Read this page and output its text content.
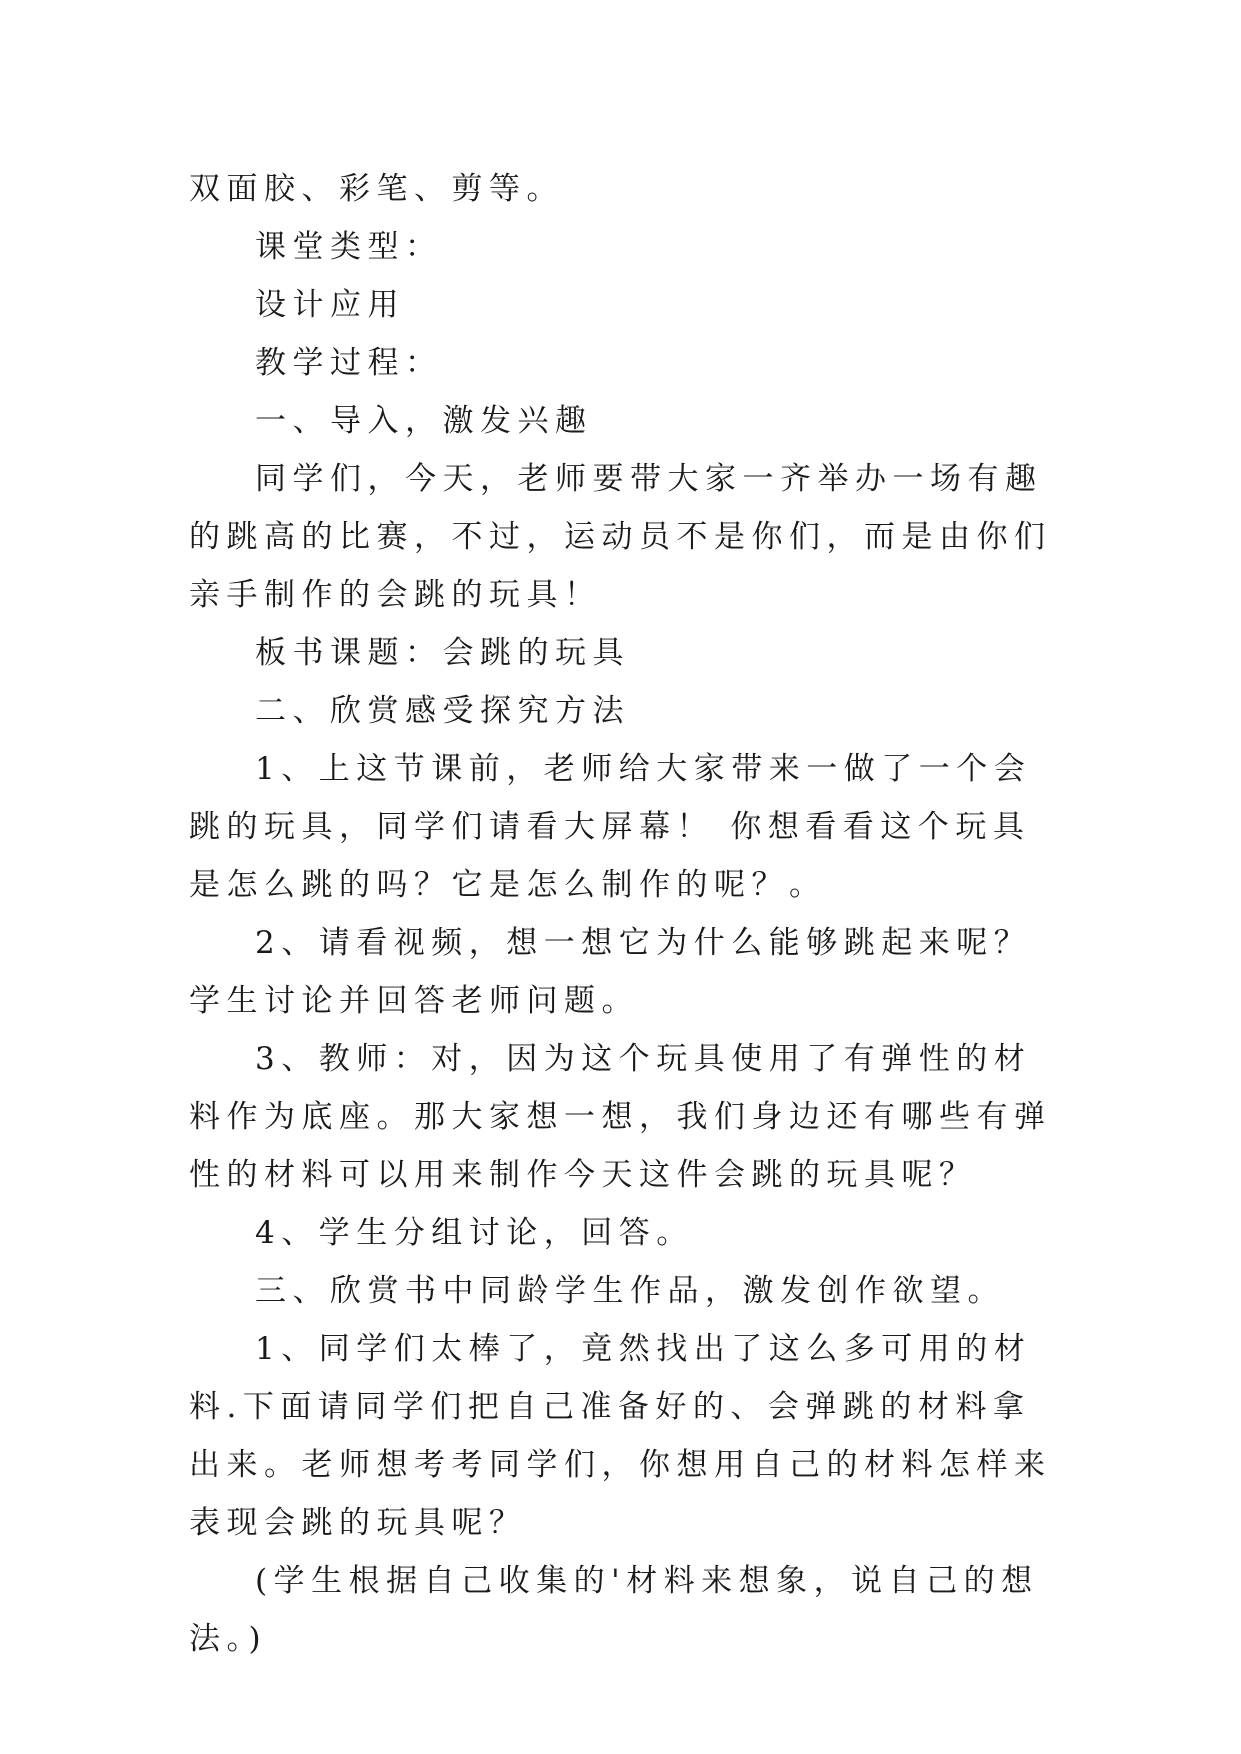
双面胶、彩笔、剪等。

课堂类型：

设计应用

教学过程：

一、导入，激发兴趣

同学们，今天，老师要带大家一齐举办一场有趣的跳高的比赛，不过，运动员不是你们，而是由你们亲手制作的会跳的玩具！

板书课题：会跳的玩具

二、欣赏感受探究方法

1、上这节课前，老师给大家带来一做了一个会跳的玩具，同学们请看大屏幕！ 你想看看这个玩具是怎么跳的吗？它是怎么制作的呢？。

2、请看视频，想一想它为什么能够跳起来呢？学生讨论并回答老师问题。

3、教师：对，因为这个玩具使用了有弹性的材料作为底座。那大家想一想，我们身边还有哪些有弹性的材料可以用来制作今天这件会跳的玩具呢？

4、学生分组讨论，回答。

三、欣赏书中同龄学生作品，激发创作欲望。

1、同学们太棒了，竟然找出了这么多可用的材料.下面请同学们把自己准备好的、会弹跳的材料拿出来。老师想考考同学们，你想用自己的材料怎样来表现会跳的玩具呢？

(学生根据自己收集的'材料来想象，说自己的想法。)
